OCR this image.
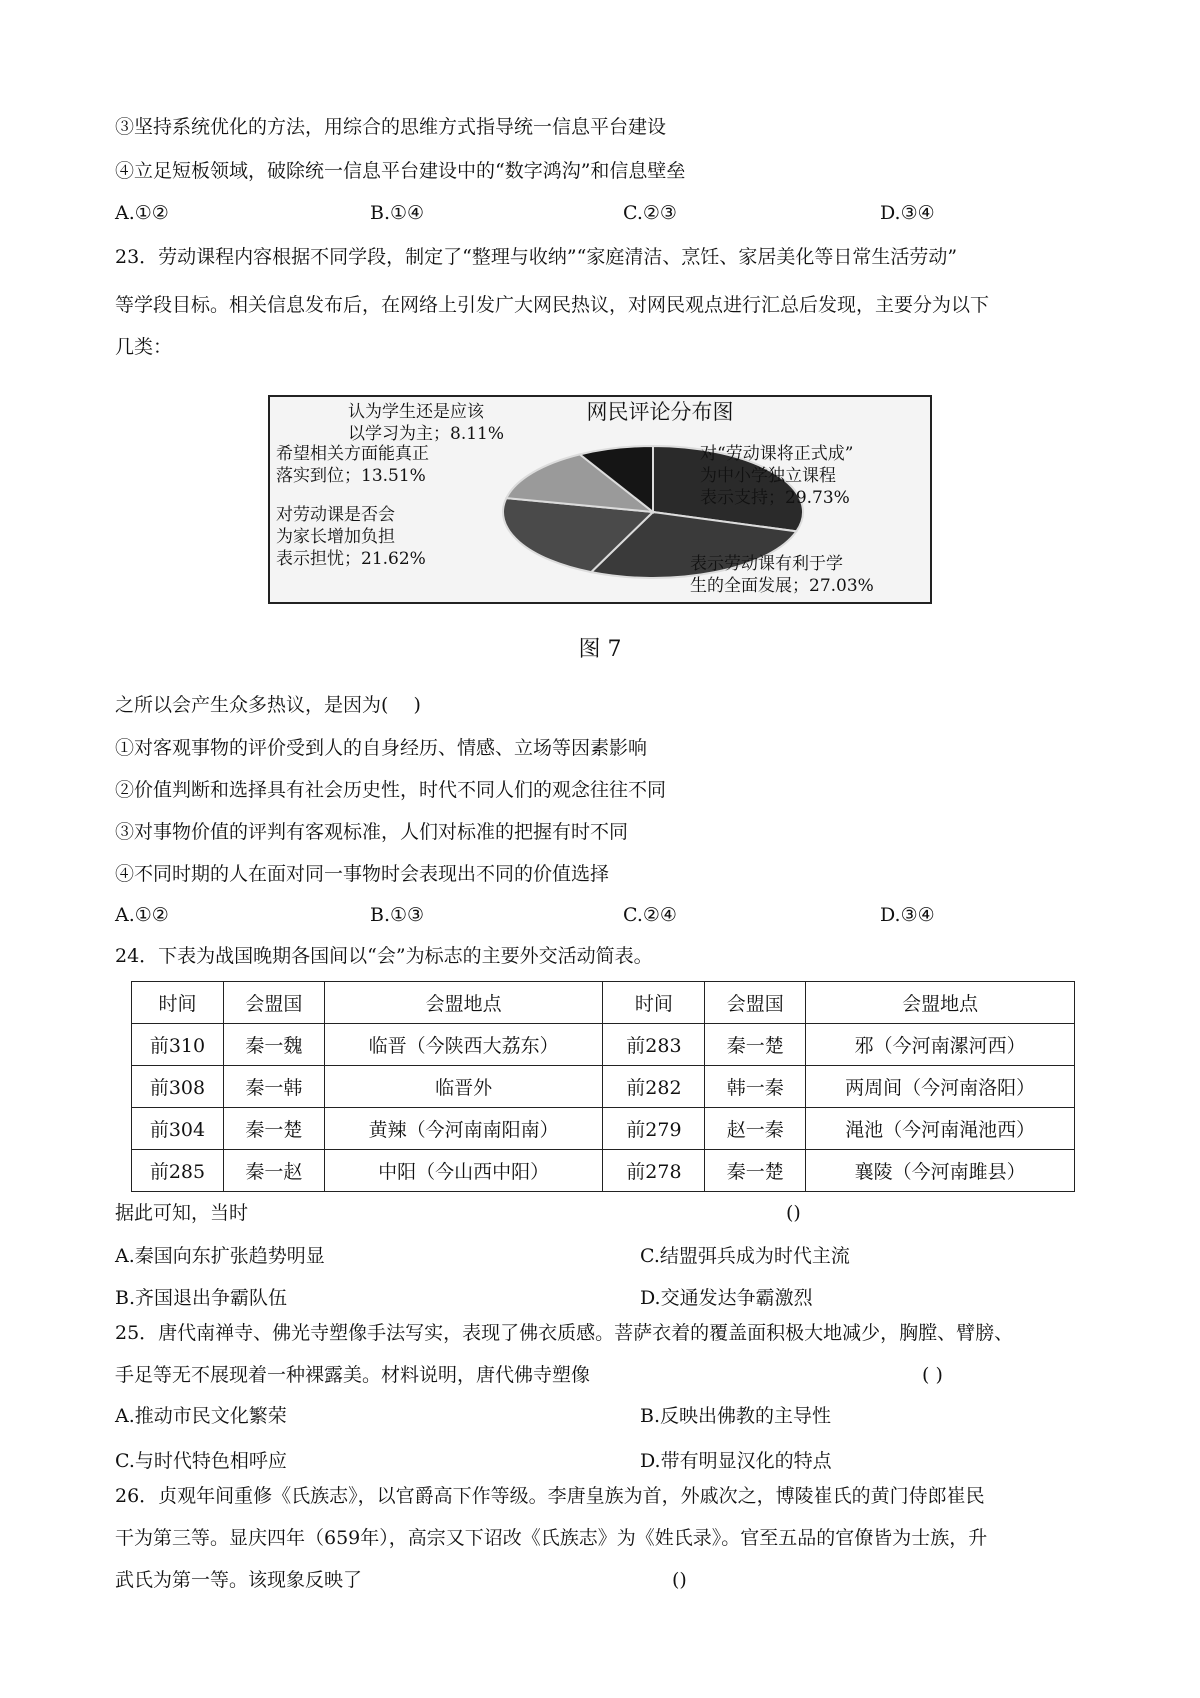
③坚持系统优化的方法，用综合的思维方式指导统一信息平台建设
④立足短板领域，破除统一信息平台建设中的“数字鸿沟”和信息壁垒
A.①②	B.①④	C.②③	D.③④
23．劳动课程内容根据不同学段，制定了“整理与收纳”“家庭清洁、烹饪、家居美化等日常生活劳动”
等学段目标。相关信息发布后，在网络上引发广大网民热议，对网民观点进行汇总后发现，主要分为以下
几类：
对“劳动课将正式成”为中小学独立课程表示支持；29.73%
表示劳动课有利于学生的全面发展；27.03%
对劳动课是否会为家长增加负担表示担忧；21.62%
希望相关方面能真正落实到位；13.51%
认为学生还是应该以学习为主；8.11%
网民评论分布图
图 7
之所以会产生众多热议，是因为(　 )
①对客观事物的评价受到人的自身经历、情感、立场等因素影响
②价值判断和选择具有社会历史性，时代不同人们的观念往往不同
③对事物价值的评判有客观标准，人们对标准的把握有时不同
④不同时期的人在面对同一事物时会表现出不同的价值选择
A.①②	B.①③	C.②④	D.③④
24．下表为战国晚期各国间以“会”为标志的主要外交活动简表。
时间	会盟国	会盟地点	时间	会盟国	会盟地点
前310	秦一魏	临晋（今陕西大荔东）	前283	秦一楚	邪（今河南漯河西）
前308	秦一韩	临晋外	前282	韩一秦	两周间（今河南洛阳）
前304	秦一楚	黄辣（今河南南阳南）	前279	赵一秦	渑池（今河南渑池西）
前285	秦一赵	中阳（今山西中阳）	前278	秦一楚	襄陵（今河南雎县）
据此可知，当时	()
A.秦国向东扩张趋势明显	C.结盟弭兵成为时代主流
B.齐国退出争霸队伍	D.交通发达争霸激烈
25．唐代南禅寺、佛光寺塑像手法写实，表现了佛衣质感。菩萨衣着的覆盖面积极大地减少，胸膛、臂膀、
手足等无不展现着一种裸露美。材料说明，唐代佛寺塑像	( )
A.推动市民文化繁荣	B.反映出佛教的主导性
C.与时代特色相呼应	D.带有明显汉化的特点
26．贞观年间重修《氏族志》，以官爵高下作等级。李唐皇族为首，外戚次之，博陵崔氏的黄门侍郎崔民
干为第三等。显庆四年（659年），高宗又下诏改《氏族志》为《姓氏录》。官至五品的官僚皆为士族，升
武氏为第一等。该现象反映了	()
